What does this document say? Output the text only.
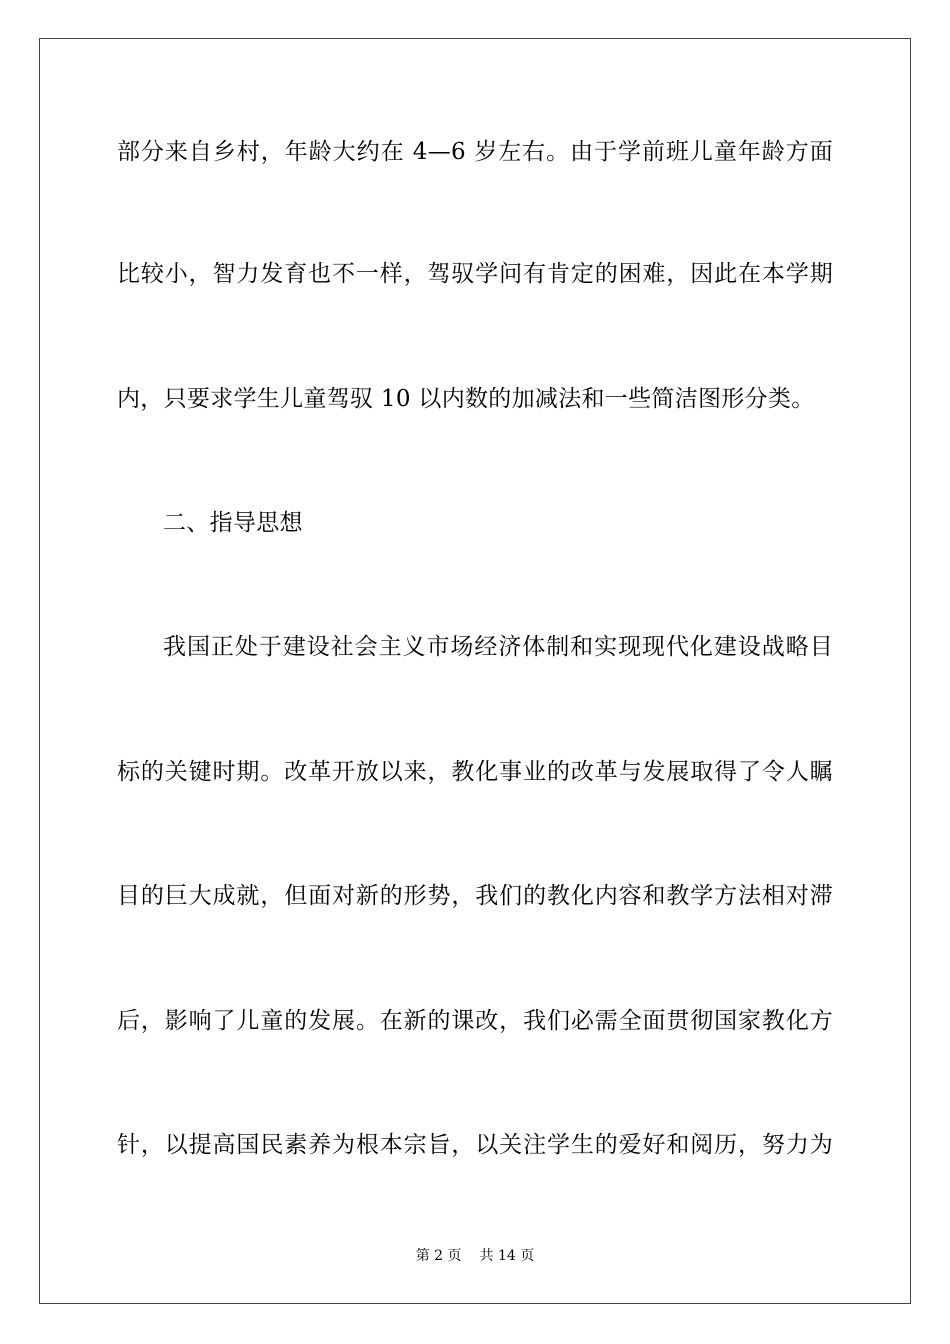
部分来自乡村，年龄大约在 4—6 岁左右。由于学前班儿童年龄方面
比较小，智力发育也不一样，驾驭学问有肯定的困难，因此在本学期
内，只要求学生儿童驾驭 10 以内数的加减法和一些简洁图形分类。
二、指导思想
我国正处于建设社会主义市场经济体制和实现现代化建设战略目
标的关键时期。改革开放以来，教化事业的改革与发展取得了令人瞩
目的巨大成就，但面对新的形势，我们的教化内容和教学方法相对滞
后，影响了儿童的发展。在新的课改，我们必需全面贯彻国家教化方
针，以提高国民素养为根本宗旨，以关注学生的爱好和阅历，努力为
第 2 页 共 14 页
